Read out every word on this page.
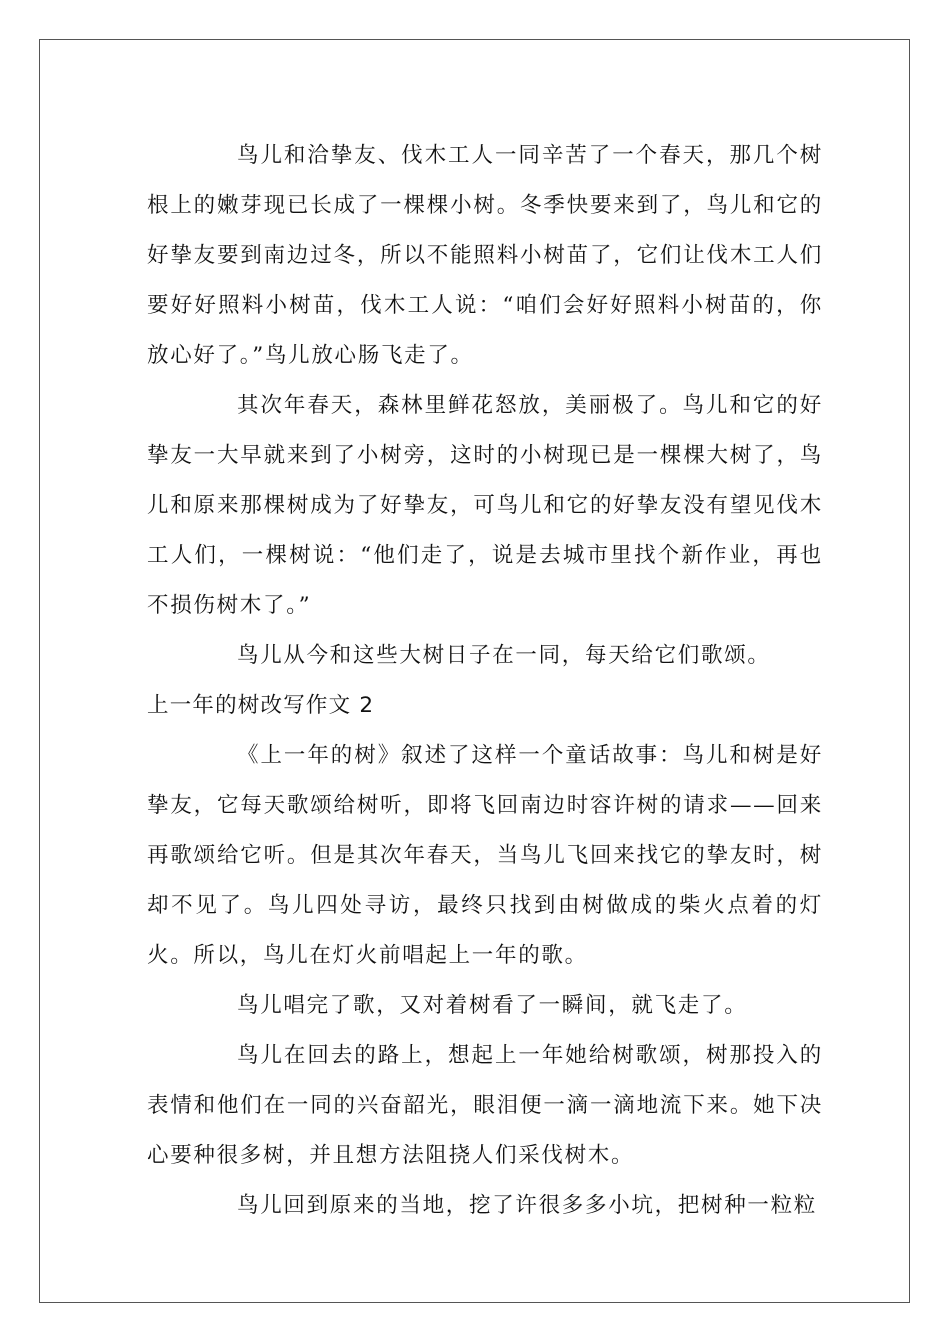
鸟儿和洽挚友、伐木工人一同辛苦了一个春天，那几个树根上的嫩芽现已长成了一棵棵小树。冬季快要来到了，鸟儿和它的好挚友要到南边过冬，所以不能照料小树苗了，它们让伐木工人们要好好照料小树苗，伐木工人说：“咱们会好好照料小树苗的，你放心好了。”鸟儿放心肠飞走了。

其次年春天，森林里鲜花怒放，美丽极了。鸟儿和它的好挚友一大早就来到了小树旁，这时的小树现已是一棵棵大树了，鸟儿和原来那棵树成为了好挚友，可鸟儿和它的好挚友没有望见伐木工人们，一棵树说：“他们走了，说是去城市里找个新作业，再也不损伤树木了。”

鸟儿从今和这些大树日子在一同，每天给它们歌颂。

上一年的树改写作文 2

《上一年的树》叙述了这样一个童话故事：鸟儿和树是好挚友，它每天歌颂给树听，即将飞回南边时容许树的请求——回来再歌颂给它听。但是其次年春天，当鸟儿飞回来找它的挚友时，树却不见了。鸟儿四处寻访，最终只找到由树做成的柴火点着的灯火。所以，鸟儿在灯火前唱起上一年的歌。

鸟儿唱完了歌，又对着树看了一瞬间，就飞走了。

鸟儿在回去的路上，想起上一年她给树歌颂，树那投入的表情和他们在一同的兴奋韶光，眼泪便一滴一滴地流下来。她下决心要种很多树，并且想方法阻挠人们采伐树木。

鸟儿回到原来的当地，挖了许很多多小坑，把树种一粒粒
